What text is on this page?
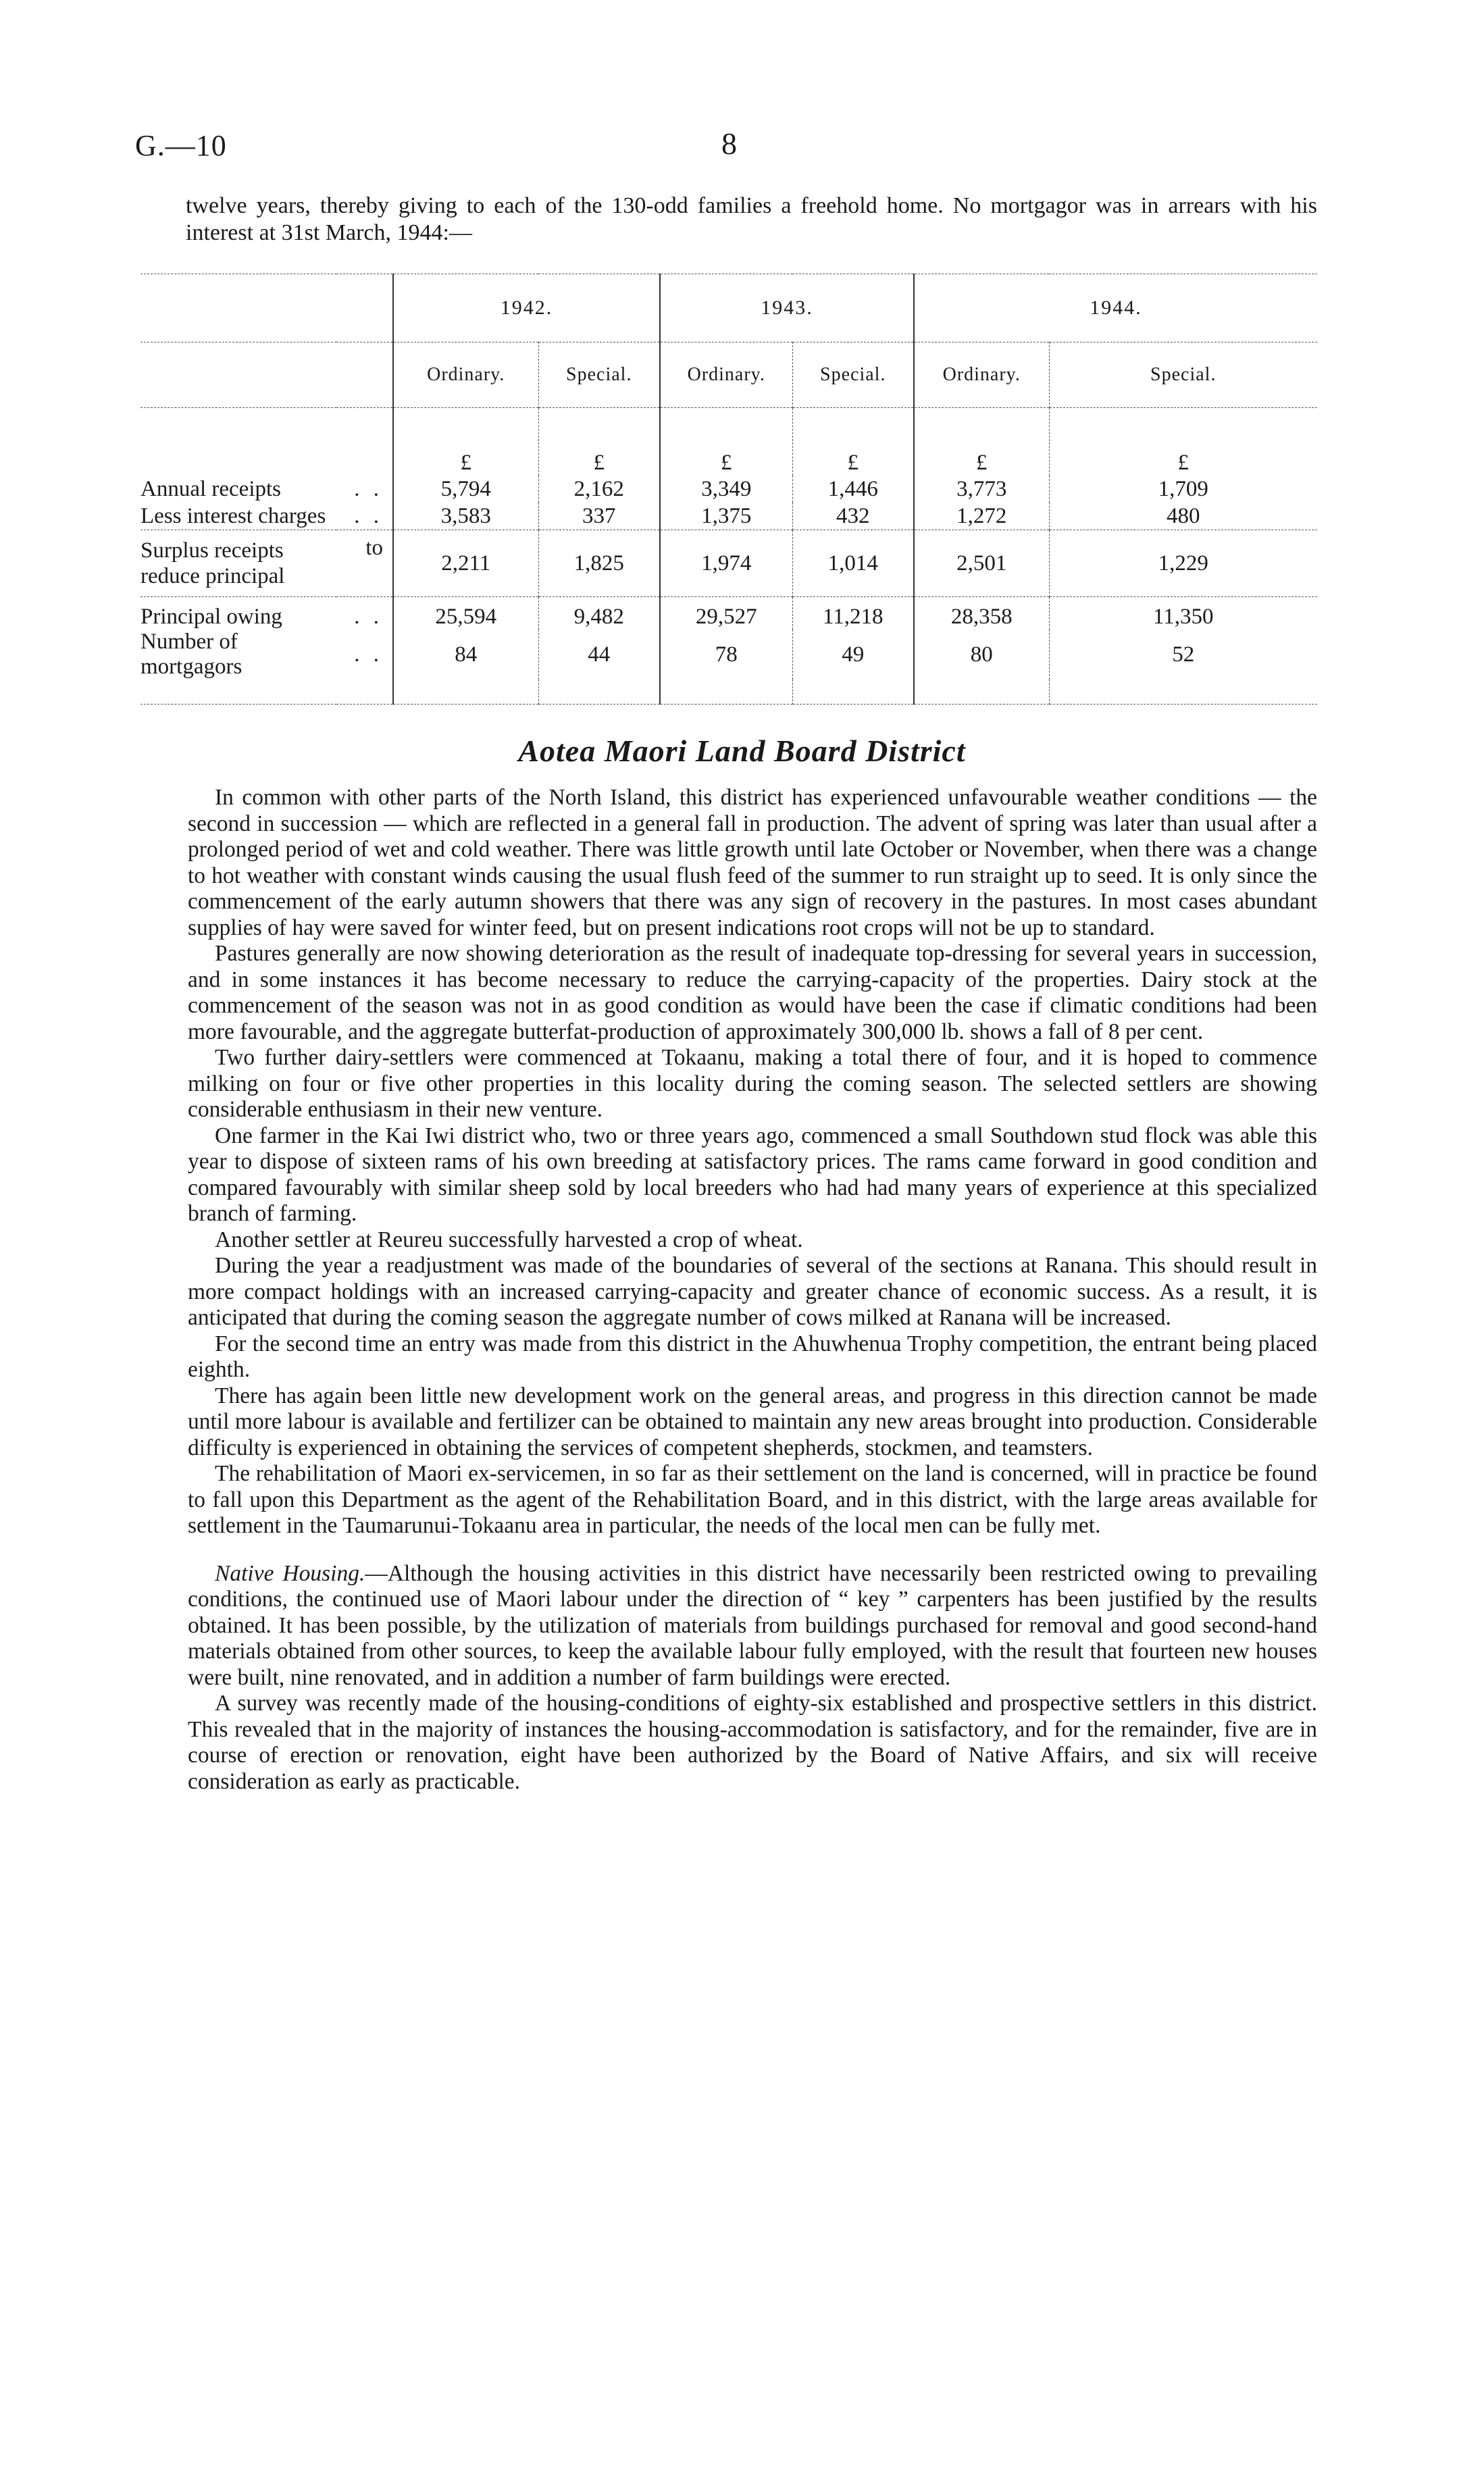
G.—10	8

twelve years, thereby giving to each of the 130-odd families a freehold home. No mortgagor was in arrears with his interest at 31st March, 1944:—

		1942.		1943.		1944.	
		Ordinary.	Special.	Ordinary.	Special.	Ordinary.	Special.
		£	£	£	£	£	£
Annual receipts	. .	5,794	2,162	3,349	1,446	3,773	1,709
Less interest charges	. .	3,583	337	1,375	432	1,272	480
Surplus receipts reduce principal	to	2,211	1,825	1,974	1,014	2,501	1,229
Principal owing	. .	25,594	9,482	29,527	11,218	28,358	11,350
Number of mortgagors	. .	84	44	78	49	80	52

Aotea Maori Land Board District

In common with other parts of the North Island, this district has experienced unfavourable weather conditions — the second in succession — which are reflected in a general fall in production. The advent of spring was later than usual after a prolonged period of wet and cold weather. There was little growth until late October or November, when there was a change to hot weather with constant winds causing the usual flush feed of the summer to run straight up to seed. It is only since the commencement of the early autumn showers that there was any sign of recovery in the pastures. In most cases abundant supplies of hay were saved for winter feed, but on present indications root crops will not be up to standard.

Pastures generally are now showing deterioration as the result of inadequate top-dressing for several years in succession, and in some instances it has become necessary to reduce the carrying-capacity of the properties. Dairy stock at the commencement of the season was not in as good condition as would have been the case if climatic conditions had been more favourable, and the aggregate butterfat-production of approximately 300,000 lb. shows a fall of 8 per cent.

Two further dairy-settlers were commenced at Tokaanu, making a total there of four, and it is hoped to commence milking on four or five other properties in this locality during the coming season. The selected settlers are showing considerable enthusiasm in their new venture.

One farmer in the Kai Iwi district who, two or three years ago, commenced a small Southdown stud flock was able this year to dispose of sixteen rams of his own breeding at satisfactory prices. The rams came forward in good condition and compared favourably with similar sheep sold by local breeders who had had many years of experience at this specialized branch of farming.

Another settler at Reureu successfully harvested a crop of wheat.

During the year a readjustment was made of the boundaries of several of the sections at Ranana. This should result in more compact holdings with an increased carrying-capacity and greater chance of economic success. As a result, it is anticipated that during the coming season the aggregate number of cows milked at Ranana will be increased.

For the second time an entry was made from this district in the Ahuwhenua Trophy competition, the entrant being placed eighth.

There has again been little new development work on the general areas, and progress in this direction cannot be made until more labour is available and fertilizer can be obtained to maintain any new areas brought into production. Considerable difficulty is experienced in obtaining the services of competent shepherds, stockmen, and teamsters.

The rehabilitation of Maori ex-servicemen, in so far as their settlement on the land is concerned, will in practice be found to fall upon this Department as the agent of the Rehabilitation Board, and in this district, with the large areas available for settlement in the Taumarunui-Tokaanu area in particular, the needs of the local men can be fully met.

Native Housing.—Although the housing activities in this district have necessarily been restricted owing to prevailing conditions, the continued use of Maori labour under the direction of “ key ” carpenters has been justified by the results obtained. It has been possible, by the utilization of materials from buildings purchased for removal and good second-hand materials obtained from other sources, to keep the available labour fully employed, with the result that fourteen new houses were built, nine renovated, and in addition a number of farm buildings were erected.

A survey was recently made of the housing-conditions of eighty-six established and prospective settlers in this district. This revealed that in the majority of instances the housing-accommodation is satisfactory, and for the remainder, five are in course of erection or renovation, eight have been authorized by the Board of Native Affairs, and six will receive consideration as early as practicable.
